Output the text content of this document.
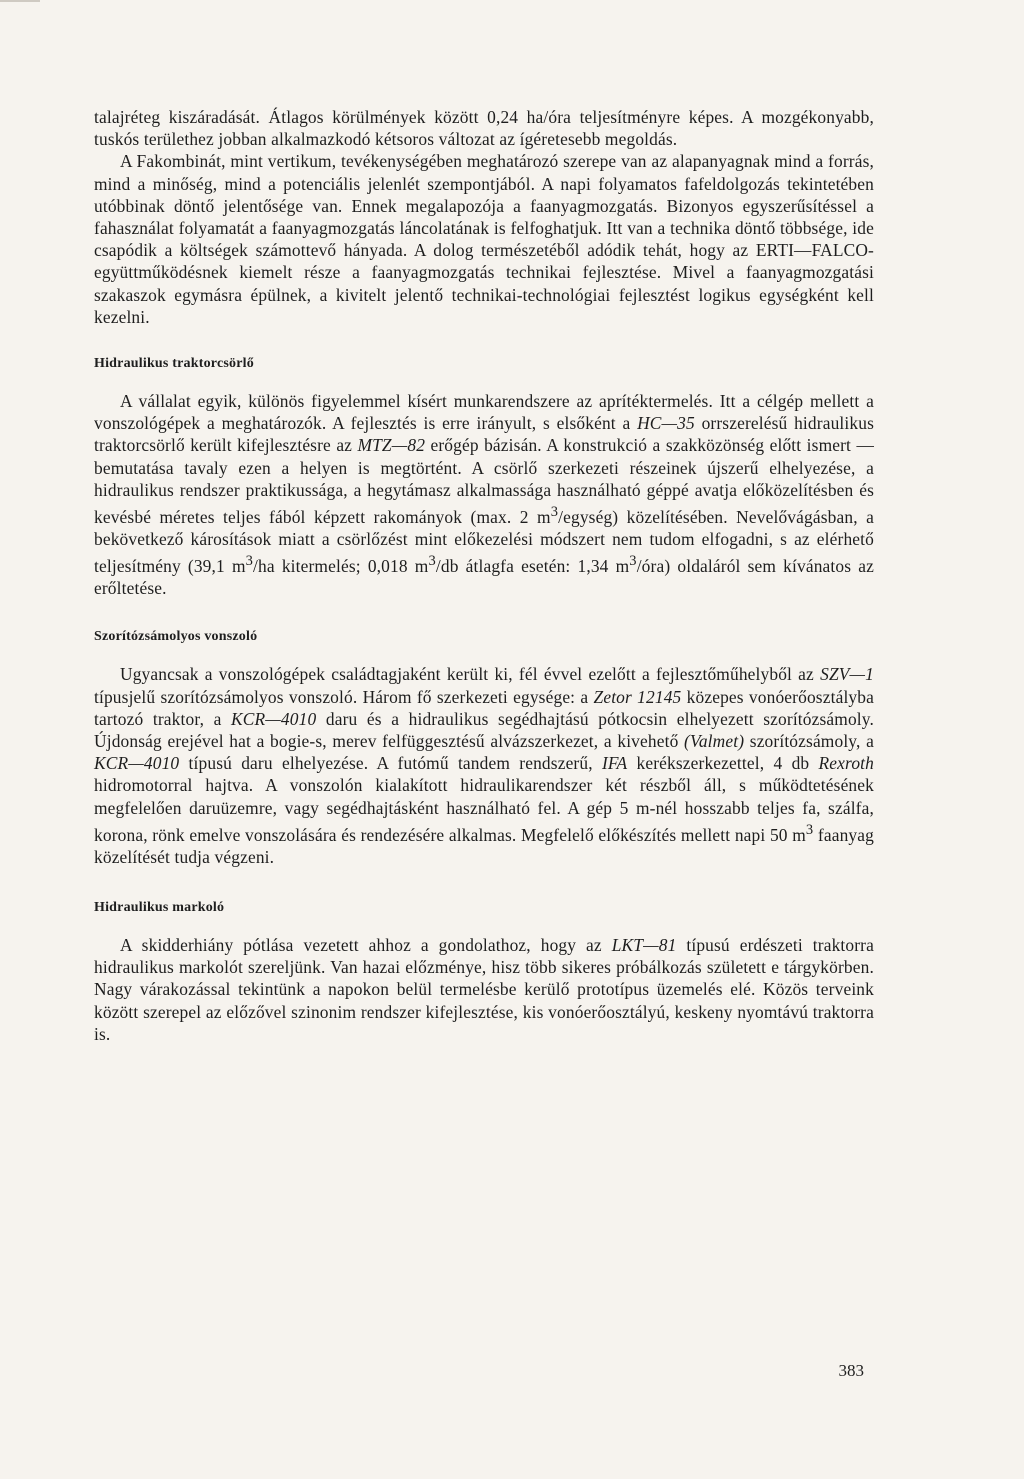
talajréteg kiszáradását. Átlagos körülmények között 0,24 ha/óra teljesítményre képes. A mozgékonyabb, tuskós területhez jobban alkalmazkodó kétsoros változat az ígéretesebb megoldás.

A Fakombinát, mint vertikum, tevékenységében meghatározó szerepe van az alapanyagnak mind a forrás, mind a minőség, mind a potenciális jelenlét szempontjából. A napi folyamatos fafeldolgozás tekintetében utóbbinak döntő jelentősége van. Ennek megalapozója a faanyagmozgatás. Bizonyos egyszerűsítéssel a fahasználat folyamatát a faanyagmozgatás láncolatának is felfoghatjuk. Itt van a technika döntő többsége, ide csapódik a költségek számottevő hányada. A dolog természetéből adódik tehát, hogy az ERTI—FALCO-együttműködésnek kiemelt része a faanyagmozgatás technikai fejlesztése. Mivel a faanyagmozgatási szakaszok egymásra épülnek, a kivitelt jelentő technikai-technológiai fejlesztést logikus egységként kell kezelni.

Hidraulikus traktorcsörlő

A vállalat egyik, különös figyelemmel kísért munkarendszere az aprítéktermelés. Itt a célgép mellett a vonszológépek a meghatározók. A fejlesztés is erre irányult, s elsőként a HC—35 orrszerelésű hidraulikus traktorcsörlő került kifejlesztésre az MTZ—82 erőgép bázisán. A konstrukció a szakközönség előtt ismert — bemutatása tavaly ezen a helyen is megtörtént. A csörlő szerkezeti részeinek újszerű elhelyezése, a hidraulikus rendszer praktikussága, a hegytámasz alkalmassága használható géppé avatja előközelítésben és kevésbé méretes teljes fából képzett rakományok (max. 2 $m^3/egység$) közelítésében. Nevelővágásban, a bekövetkező károsítások miatt a csörlőzést mint előkezelési módszert nem tudom elfogadni, s az elérhető teljesítmény (39,1 $m^3/ha$ kitermelés; 0,018 $m^3/db$ átlagfa esetén: 1,34 $m^3/óra$) oldaláról sem kívánatos az erőltetése.

Szorítózsámolyos vonszoló

Ugyancsak a vonszológépek családtagjaként került ki, fél évvel ezelőtt a fejlesztőműhelyből az SZV—1 típusjelű szorítózsámolyos vonszoló. Három fő szerkezeti egysége: a Zetor 12145 közepes vonóerőosztályba tartozó traktor, a KCR—4010 daru és a hidraulikus segédhajtású pótkocsin elhelyezett szorítózsámoly. Újdonság erejével hat a bogie-s, merev felfüggesztésű alvázszerkezet, a kivehető (Valmet) szorítózsámoly, a KCR—4010 típusú daru elhelyezése. A futómű tandem rendszerű, IFA kerékszerkezettel, 4 db Rexroth hidromotorral hajtva. A vonszolón kialakított hidraulikarendszer két részből áll, s működtetésének megfelelően daruüzemre, vagy segédhajtásként használható fel. A gép 5 m-nél hosszabb teljes fa, szálfa, korona, rönk emelve vonszolására és rendezésére alkalmas. Megfelelő előkészítés mellett napi 50 $m^3$ faanyag közelítését tudja végzeni.

Hidraulikus markoló

A skidderhiány pótlása vezetett ahhoz a gondolathoz, hogy az LKT—81 típusú erdészeti traktorra hidraulikus markolót szereljünk. Van hazai előzménye, hisz több sikeres próbálkozás született e tárgykörben. Nagy várakozással tekintünk a napokon belül termelésbe kerülő prototípus üzemelés elé. Közös terveink között szerepel az előzővel szinonim rendszer kifejlesztése, kis vonóerőosztályú, keskeny nyomtávú traktorra is.

383
